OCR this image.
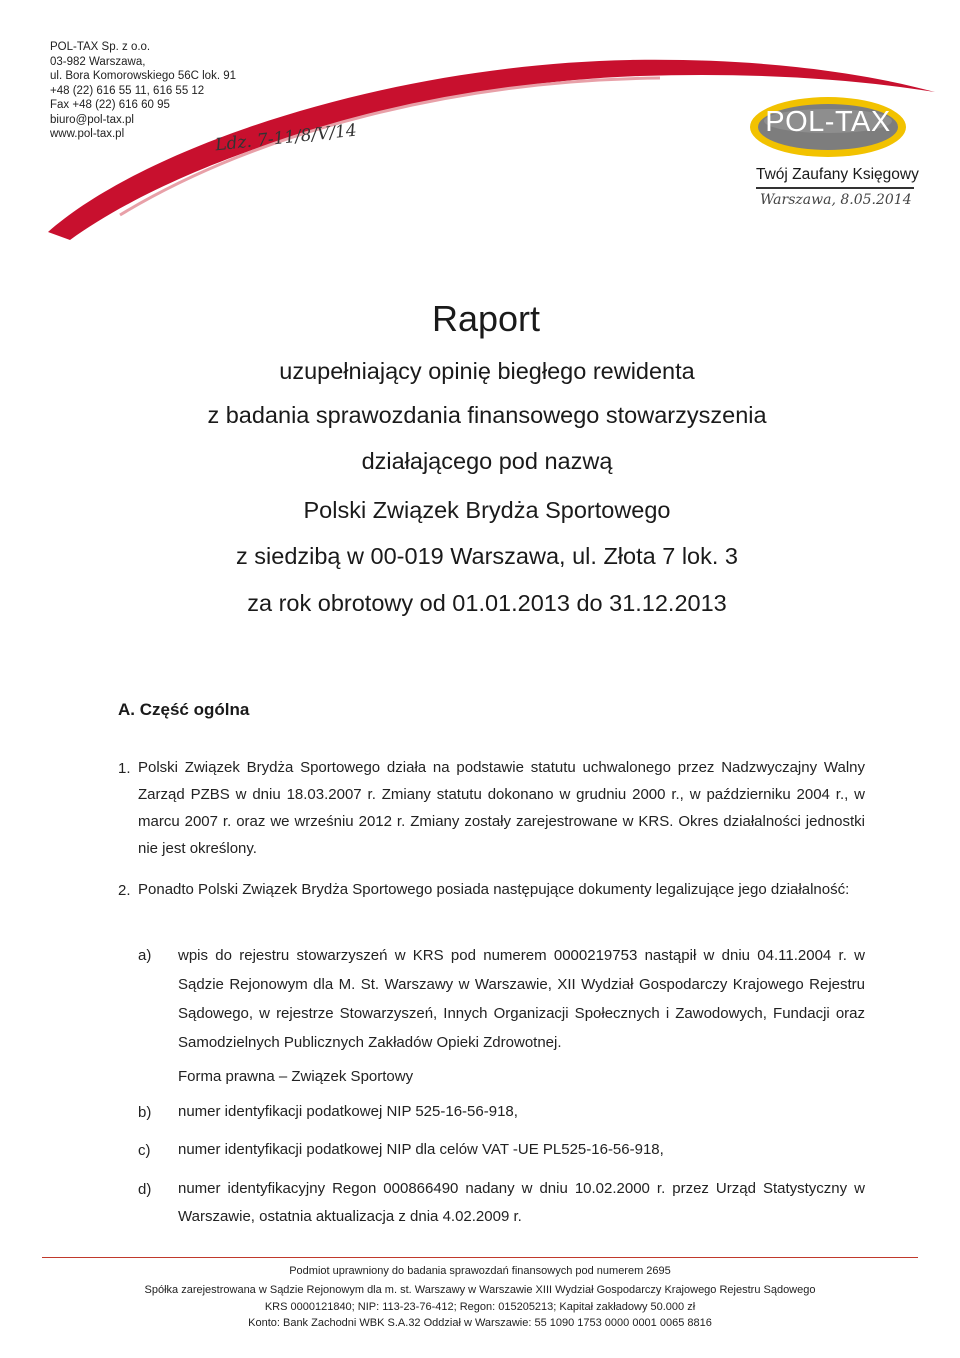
POL-TAX Sp. z o.o.
03-982 Warszawa,
ul. Bora Komorowskiego 56C lok. 91
+48 (22) 616 55 11, 616 55 12
Fax +48 (22) 616 60 95
biuro@pol-tax.pl
www.pol-tax.pl	Ldz. 7-11/8/V/14	POL-TAX
Twój Zaufany Księgowy
Warszawa, 8.05.2014
Raport
uzupełniający opinię biegłego rewidenta
z badania sprawozdania finansowego stowarzyszenia
działającego pod nazwą
Polski Związek Brydża Sportowego
z siedzibą w 00-019 Warszawa, ul. Złota 7 lok. 3
za rok obrotowy od 01.01.2013 do 31.12.2013
A. Część ogólna
1. Polski Związek Brydża Sportowego działa na podstawie statutu uchwalonego przez Nadzwyczajny Walny Zarząd PZBS w dniu 18.03.2007 r. Zmiany statutu dokonano w grudniu 2000 r., w październiku 2004 r., w marcu 2007 r. oraz we wrześniu 2012 r. Zmiany zostały zarejestrowane w KRS. Okres działalności jednostki nie jest określony.
2. Ponadto Polski Związek Brydża Sportowego posiada następujące dokumenty legalizujące jego działalność:
a) wpis do rejestru stowarzyszeń w KRS pod numerem 0000219753 nastąpił w dniu 04.11.2004 r. w Sądzie Rejonowym dla M. St. Warszawy w Warszawie, XII Wydział Gospodarczy Krajowego Rejestru Sądowego, w rejestrze Stowarzyszeń, Innych Organizacji Społecznych i Zawodowych, Fundacji oraz Samodzielnych Publicznych Zakładów Opieki Zdrowotnej.
Forma prawna – Związek Sportowy
b) numer identyfikacji podatkowej NIP 525-16-56-918,
c) numer identyfikacji podatkowej NIP dla celów VAT -UE PL525-16-56-918,
d) numer identyfikacyjny Regon 000866490 nadany w dniu 10.02.2000 r. przez Urząd Statystyczny w Warszawie, ostatnia aktualizacja z dnia 4.02.2009 r.
Podmiot uprawniony do badania sprawozdań finansowych pod numerem 2695
Spółka zarejestrowana w Sądzie Rejonowym dla m. st. Warszawy w Warszawie XIII Wydział Gospodarczy Krajowego Rejestru Sądowego
KRS 0000121840; NIP: 113-23-76-412; Regon: 015205213; Kapitał zakładowy 50.000 zł
Konto: Bank Zachodni WBK S.A.32 Oddział w Warszawie: 55 1090 1753 0000 0001 0065 8816
